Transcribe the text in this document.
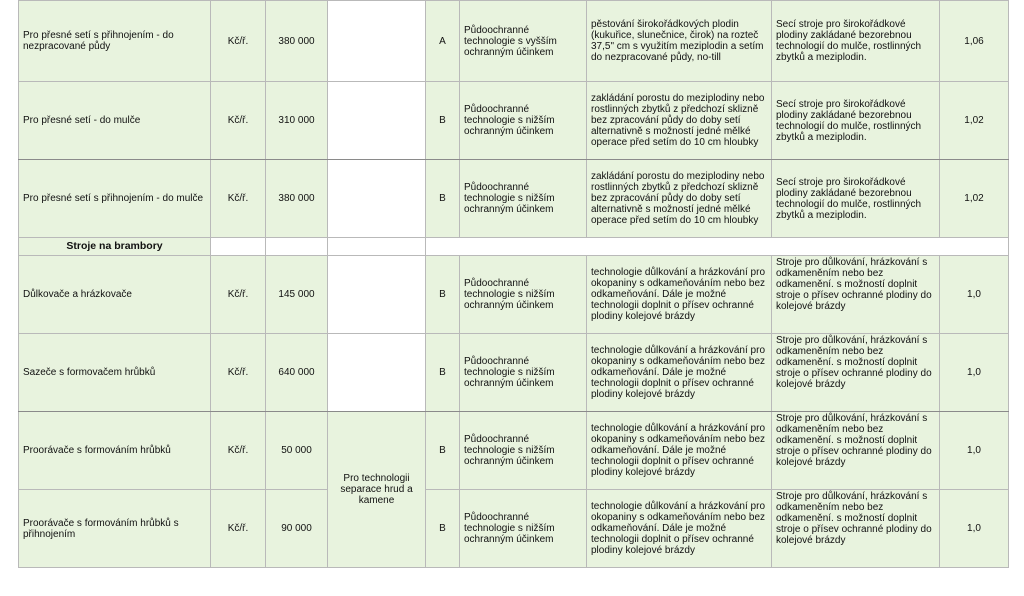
Pro přesné setí s přihnojením - do nezpracované půdy	Kč/ř.	380 000		A	Půdoochranné technologie s vyšším ochranným účinkem	pěstování širokořádkových plodin (kukuřice, slunečnice, čirok) na rozteč 37,5" cm s využitím meziplodin a setím do nezpracované půdy, no-till	Secí stroje pro širokořádkové plodiny zakládané bezorebnou technologií do mulče, rostlinných zbytků a meziplodin.	1,06
Pro přesné setí - do mulče	Kč/ř.	310 000		B	Půdoochranné technologie s nižším ochranným účinkem	zakládání porostu do meziplodiny nebo rostlinných zbytků z předchozí sklizně bez zpracování půdy do doby setí alternativně s možností jedné mělké operace před setím do 10 cm hloubky	Secí stroje pro širokořádkové plodiny zakládané bezorebnou technologií do mulče, rostlinných zbytků a meziplodin.	1,02
Pro přesné setí s přihnojením - do mulče	Kč/ř.	380 000		B	Půdoochranné technologie s nižším ochranným účinkem	zakládání porostu do meziplodiny nebo rostlinných zbytků z předchozí sklizně bez zpracování půdy do doby setí alternativně s možností jedné mělké operace před setím do 10 cm hloubky	Secí stroje pro širokořádkové plodiny zakládané bezorebnou technologií do mulče, rostlinných zbytků a meziplodin.	1,02
Stroje na brambory								
Důlkovače a hrázkovače	Kč/ř.	145 000		B	Půdoochranné technologie s nižším ochranným účinkem	technologie důlkování a hrázkování pro okopaniny s odkameňováním nebo bez odkameňování. Dále je možné technologii doplnit o přísev ochranné plodiny kolejové brázdy	Stroje pro důlkování, hrázkování s odkameněním nebo bez odkamenění. s možností doplnit stroje o přísev ochranné plodiny do kolejové brázdy	1,0
Sazeče s formovačem hrůbků	Kč/ř.	640 000		B	Půdoochranné technologie s nižším ochranným účinkem	technologie důlkování a hrázkování pro okopaniny s odkameňováním nebo bez odkameňování. Dále je možné technologii doplnit o přísev ochranné plodiny kolejové brázdy	Stroje pro důlkování, hrázkování s odkameněním nebo bez odkamenění. s možností doplnit stroje o přísev ochranné plodiny do kolejové brázdy	1,0
Proorávače s formováním hrůbků	Kč/ř.	50 000	Pro technologii separace hrud a kamene	B	Půdoochranné technologie s nižším ochranným účinkem	technologie důlkování a hrázkování pro okopaniny s odkameňováním nebo bez odkameňování. Dále je možné technologii doplnit o přísev ochranné plodiny kolejové brázdy	Stroje pro důlkování, hrázkování s odkameněním nebo bez odkamenění. s možností doplnit stroje o přísev ochranné plodiny do kolejové brázdy	1,0
Proorávače s formováním hrůbků s přihnojením	Kč/ř.	90 000		B	Půdoochranné technologie s nižším ochranným účinkem	technologie důlkování a hrázkování pro okopaniny s odkameňováním nebo bez odkameňování. Dále je možné technologii doplnit o přísev ochranné plodiny kolejové brázdy	Stroje pro důlkování, hrázkování s odkameněním nebo bez odkamenění. s možností doplnit stroje o přísev ochranné plodiny do kolejové brázdy	1,0
